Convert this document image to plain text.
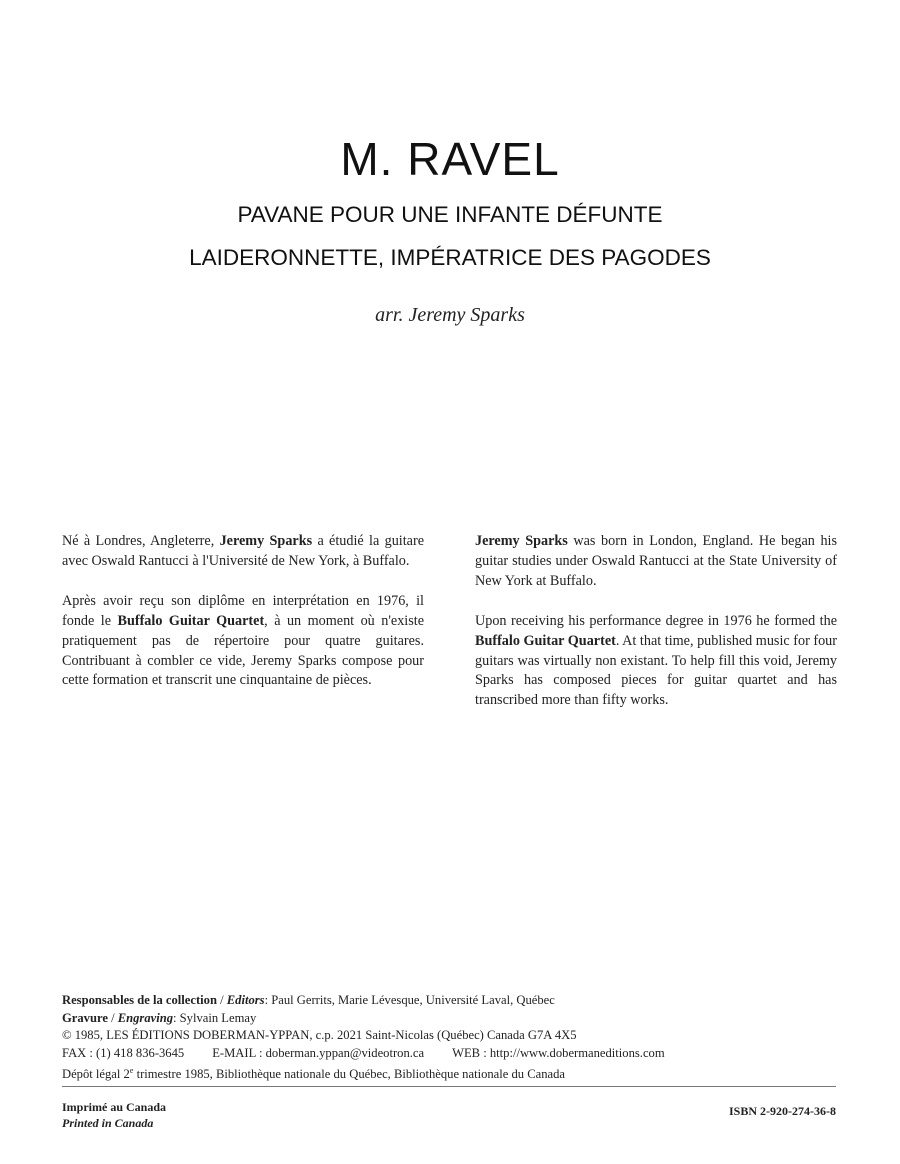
M. RAVEL
PAVANE POUR UNE INFANTE DÉFUNTE
LAIDERONNETTE, IMPÉRATRICE DES PAGODES
arr. Jeremy Sparks

Né à Londres, Angleterre, Jeremy Sparks a étudié la guitare avec Oswald Rantucci à l'Université de New York, à Buffalo.

Après avoir reçu son diplôme en interprétation en 1976, il fonde le Buffalo Guitar Quartet, à un moment où n'existe pratiquement pas de répertoire pour quatre guitares. Contribuant à combler ce vide, Jeremy Sparks compose pour cette formation et transcrit une cinquantaine de pièces.

Jeremy Sparks was born in London, England. He began his guitar studies under Oswald Rantucci at the State University of New York at Buffalo.

Upon receiving his performance degree in 1976 he formed the Buffalo Guitar Quartet. At that time, published music for four guitars was virtually non existant. To help fill this void, Jeremy Sparks has composed pieces for guitar quartet and has transcribed more than fifty works.

Responsables de la collection / Editors: Paul Gerrits, Marie Lévesque, Université Laval, Québec
Gravure / Engraving: Sylvain Lemay
© 1985, LES ÉDITIONS DOBERMAN-YPPAN, c.p. 2021 Saint-Nicolas (Québec) Canada G7A 4X5
FAX : (1) 418 836-3645 E-MAIL : doberman.yppan@videotron.ca WEB : http://www.dobermaneditions.com
Dépôt légal 2e trimestre 1985, Bibliothèque nationale du Québec, Bibliothèque nationale du Canada
Imprimé au Canada
Printed in Canada
ISBN 2-920-274-36-8
